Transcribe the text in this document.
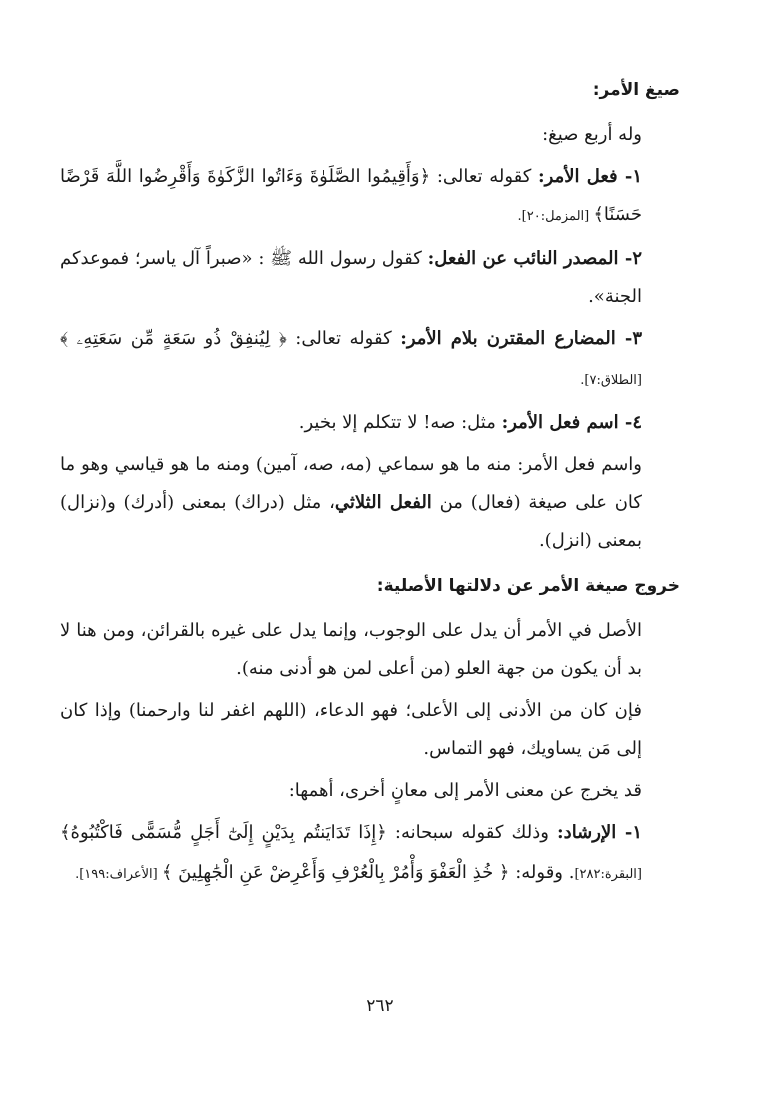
صيغ الأمر:

وله أربع صيغ:

١- فعل الأمر: كقوله تعالى: ﴿وَأَقِيمُوا الصَّلَوٰةَ وَءَاتُوا الزَّكَوٰةَ وَأَقْرِضُوا اللَّهَ قَرْضًا حَسَنًا﴾ [المزمل:٢٠].

٢- المصدر النائب عن الفعل: كقول رسول الله ﷺ : «صبراً آل ياسر؛ فموعدكم الجنة».

٣- المضارع المقترن بلام الأمر: كقوله تعالى: ﴿ لِيُنفِقْ ذُو سَعَةٍ مِّن سَعَتِهِۦ ﴾ [الطلاق:٧].

٤- اسم فعل الأمر: مثل: صه! لا تتكلم إلا بخير.

واسم فعل الأمر: منه ما هو سماعي (مه، صه، آمين) ومنه ما هو قياسي وهو ما كان على صيغة (فعال) من الفعل الثلاثي، مثل (دراك) بمعنى (أدرك) و(نزال) بمعنى (انزل).

خروج صيغة الأمر عن دلالتها الأصلية:

الأصل في الأمر أن يدل على الوجوب، وإنما يدل على غيره بالقرائن، ومن هنا لا بد أن يكون من جهة العلو (من أعلى لمن هو أدنى منه).

فإن كان من الأدنى إلى الأعلى؛ فهو الدعاء، (اللهم اغفر لنا وارحمنا) وإذا كان إلى مَن يساويك، فهو التماس.

قد يخرج عن معنى الأمر إلى معانٍ أخرى، أهمها:

١- الإرشاد: وذلك كقوله سبحانه: ﴿إِذَا تَدَايَنتُم بِدَيْنٍ إِلَىٰٓ أَجَلٍ مُّسَمًّى فَاكْتُبُوهُ﴾ [البقرة:٢٨٢]. وقوله: ﴿ خُذِ الْعَفْوَ وَأْمُرْ بِالْعُرْفِ وَأَعْرِضْ عَنِ الْجَٰهِلِينَ ﴾ [الأعراف:١٩٩].

٢٦٢
